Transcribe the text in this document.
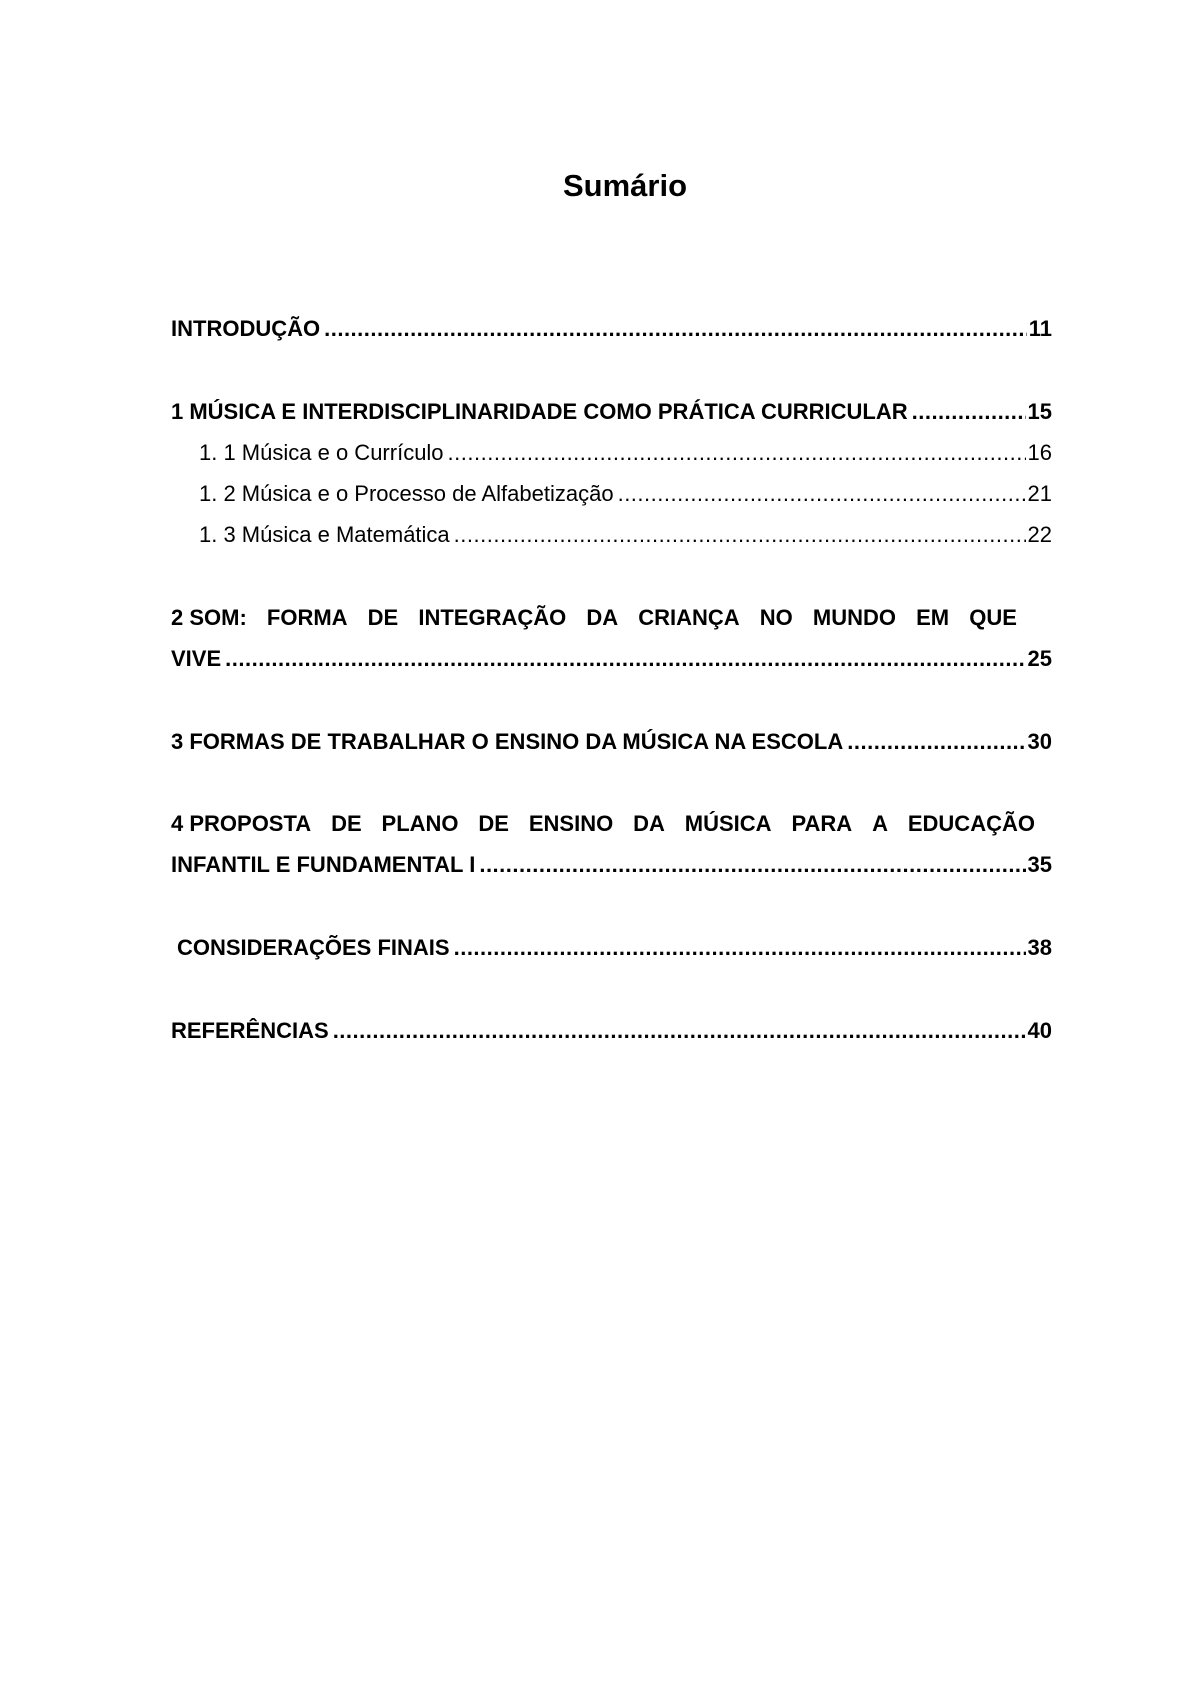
Sumário
INTRODUÇÃO .....	11
1 MÚSICA E INTERDISCIPLINARIDADE COMO PRÁTICA CURRICULAR .....	15
1. 1 Música e o Currículo .....	16
1. 2 Música e o Processo de Alfabetização .....	21
1. 3 Música e Matemática .....	22
2 SOM: FORMA DE INTEGRAÇÃO DA CRIANÇA NO MUNDO EM QUE
VIVE .....	25
3 FORMAS DE TRABALHAR O ENSINO DA MÚSICA NA ESCOLA .....	30
4 PROPOSTA DE PLANO DE ENSINO DA MÚSICA PARA A EDUCAÇÃO
INFANTIL E FUNDAMENTAL I .....	35
CONSIDERAÇÕES FINAIS .....	38
REFERÊNCIAS .....	40
